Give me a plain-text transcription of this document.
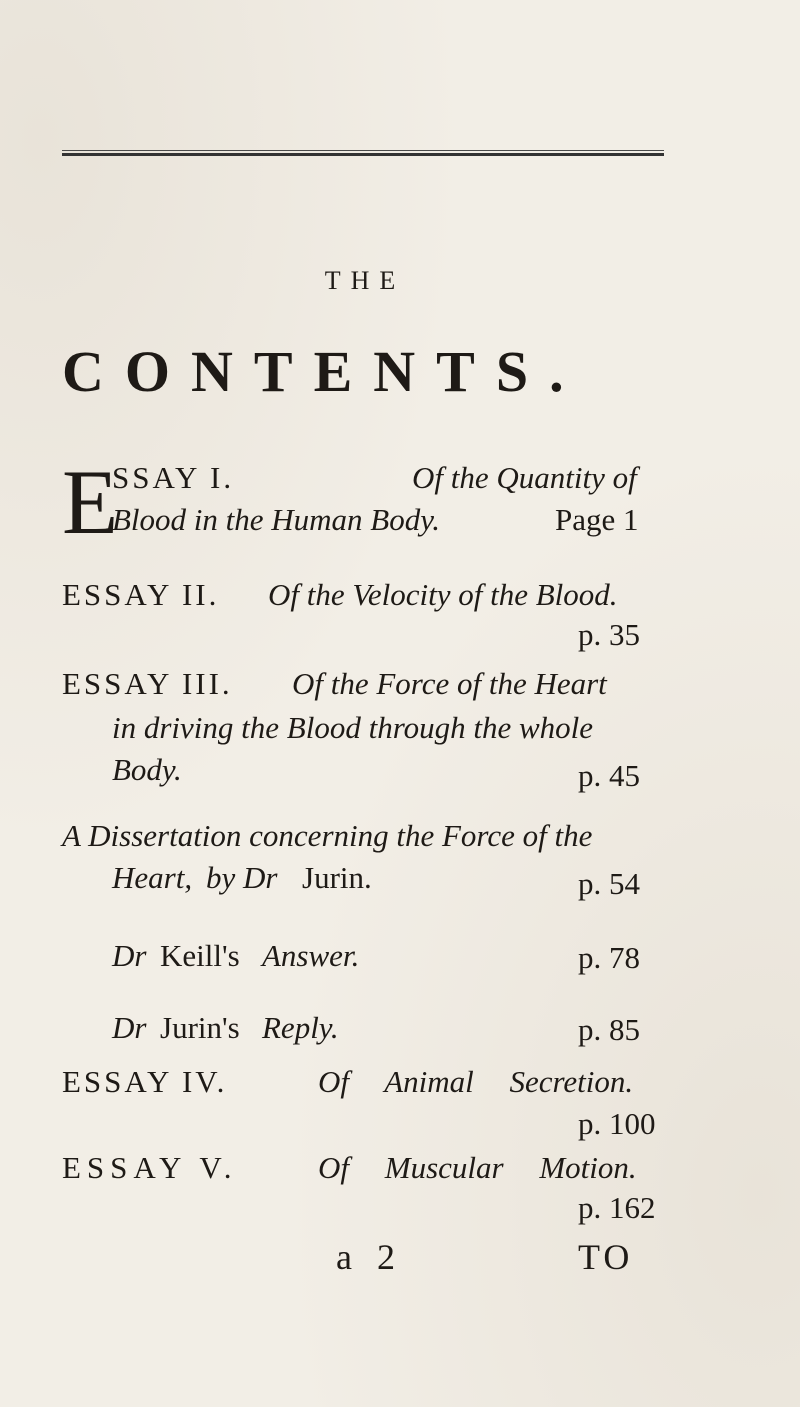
THE
CONTENTS.
E
SSAY I.	Of the Quantity of
Blood in the Human Body.	Page 1
ESSAY II. Of the Velocity of the Blood.
p. 35
ESSAY III. Of the Force of the Heart
in driving the Blood through the whole
Body.	p. 45
A Dissertation concerning the Force of the
Heart, by Dr Jurin.	p. 54
Dr Keill's Answer.	p. 78
Dr Jurin's Reply.	p. 85
ESSAY IV.	Of Animal Secretion.
p. 100
ESSAY V.	Of Muscular Motion.
p. 162
a 2	TO
